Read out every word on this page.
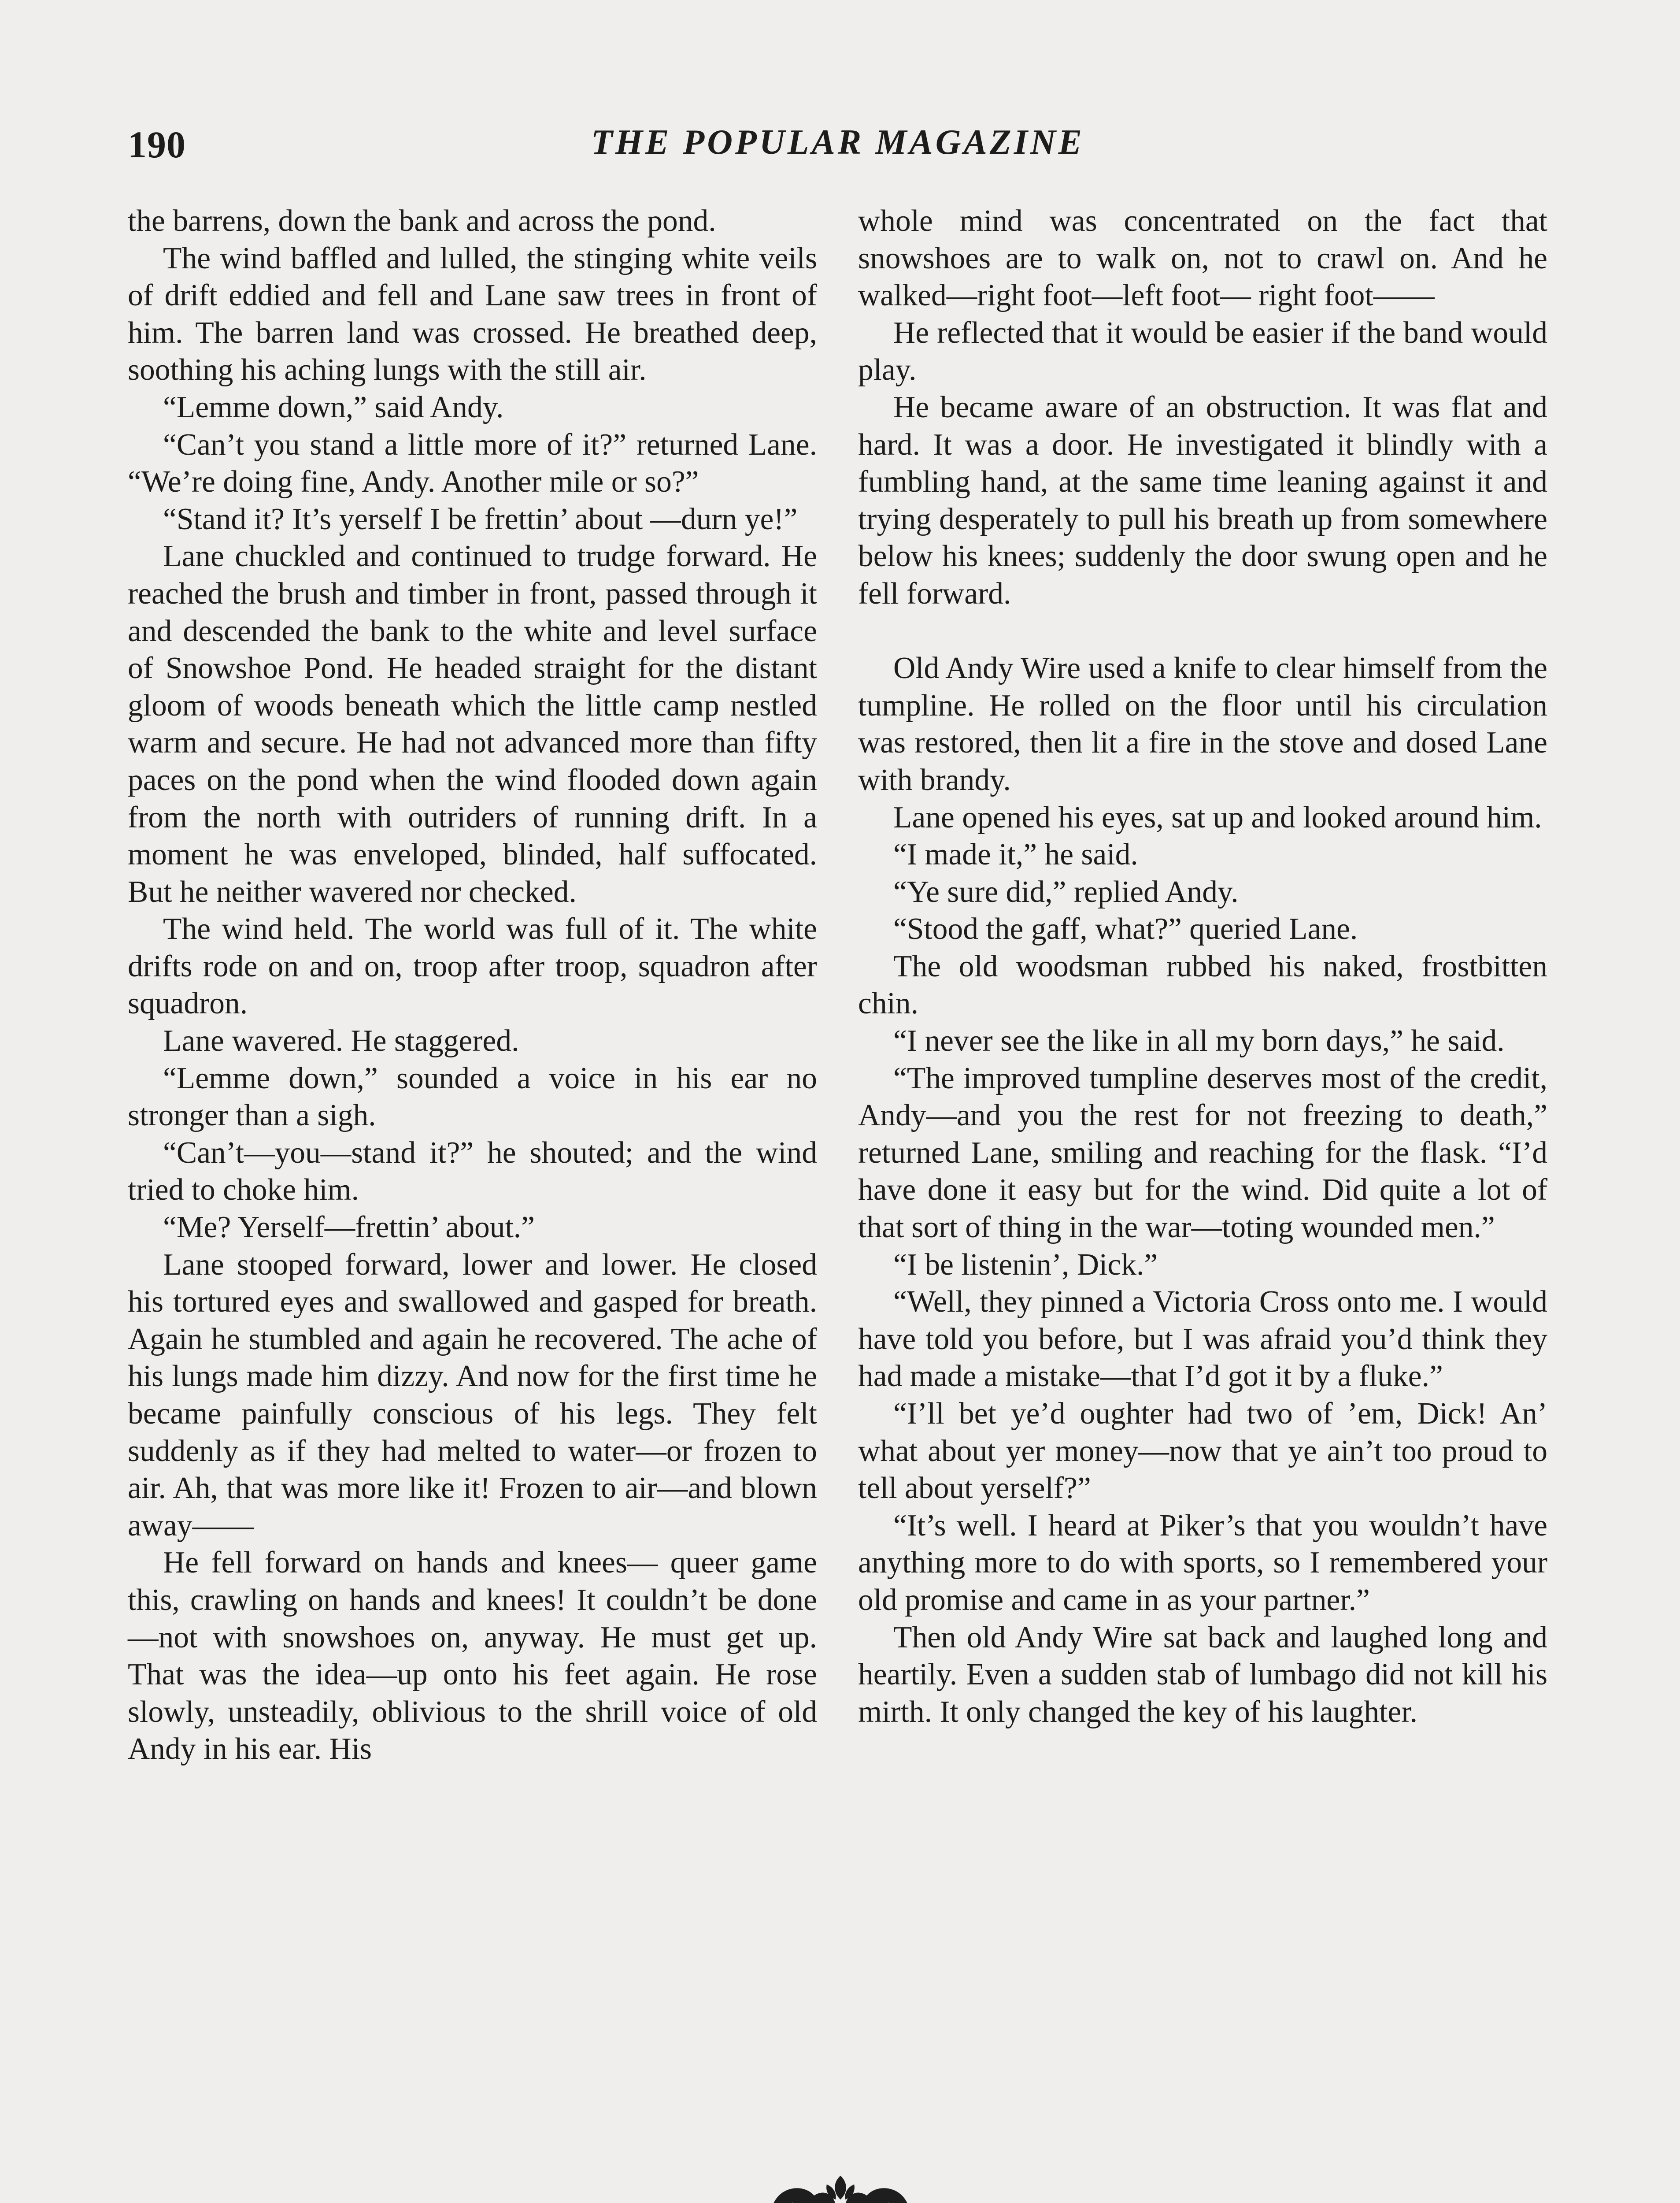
190	THE POPULAR MAGAZINE

the barrens, down the bank and across the pond.

The wind baffled and lulled, the stinging white veils of drift eddied and fell and Lane saw trees in front of him. The barren land was crossed. He breathed deep, soothing his aching lungs with the still air.

“Lemme down,” said Andy.

“Can’t you stand a little more of it?” returned Lane. “We’re doing fine, Andy. Another mile or so?”

“Stand it? It’s yerself I be frettin’ about —durn ye!”

Lane chuckled and continued to trudge forward. He reached the brush and timber in front, passed through it and descended the bank to the white and level surface of Snowshoe Pond. He headed straight for the distant gloom of woods beneath which the little camp nestled warm and secure. He had not advanced more than fifty paces on the pond when the wind flooded down again from the north with outriders of running drift. In a moment he was enveloped, blinded, half suffocated. But he neither wavered nor checked.

The wind held. The world was full of it. The white drifts rode on and on, troop after troop, squadron after squadron.

Lane wavered. He staggered.

“Lemme down,” sounded a voice in his ear no stronger than a sigh.

“Can’t—you—stand it?” he shouted; and the wind tried to choke him.

“Me? Yerself—frettin’ about.”

Lane stooped forward, lower and lower. He closed his tortured eyes and swallowed and gasped for breath. Again he stumbled and again he recovered. The ache of his lungs made him dizzy. And now for the first time he became painfully conscious of his legs. They felt suddenly as if they had melted to water—or frozen to air. Ah, that was more like it! Frozen to air—and blown away——

He fell forward on hands and knees— queer game this, crawling on hands and knees! It couldn’t be done—not with snowshoes on, anyway. He must get up. That was the idea—up onto his feet again. He rose slowly, unsteadily, oblivious to the shrill voice of old Andy in his ear. His

whole mind was concentrated on the fact that snowshoes are to walk on, not to crawl on. And he walked—right foot—left foot— right foot——

He reflected that it would be easier if the band would play.

He became aware of an obstruction. It was flat and hard. It was a door. He investigated it blindly with a fumbling hand, at the same time leaning against it and trying desperately to pull his breath up from somewhere below his knees; suddenly the door swung open and he fell forward.

Old Andy Wire used a knife to clear himself from the tumpline. He rolled on the floor until his circulation was restored, then lit a fire in the stove and dosed Lane with brandy.

Lane opened his eyes, sat up and looked around him.

“I made it,” he said.

“Ye sure did,” replied Andy.

“Stood the gaff, what?” queried Lane.

The old woodsman rubbed his naked, frostbitten chin.

“I never see the like in all my born days,” he said.

“The improved tumpline deserves most of the credit, Andy—and you the rest for not freezing to death,” returned Lane, smiling and reaching for the flask. “I’d have done it easy but for the wind. Did quite a lot of that sort of thing in the war—toting wounded men.”

“I be listenin’, Dick.”

“Well, they pinned a Victoria Cross onto me. I would have told you before, but I was afraid you’d think they had made a mistake—that I’d got it by a fluke.”

“I’ll bet ye’d oughter had two of ’em, Dick! An’ what about yer money—now that ye ain’t too proud to tell about yerself?”

“It’s well. I heard at Piker’s that you wouldn’t have anything more to do with sports, so I remembered your old promise and came in as your partner.”

Then old Andy Wire sat back and laughed long and heartily. Even a sudden stab of lumbago did not kill his mirth. It only changed the key of his laughter.
